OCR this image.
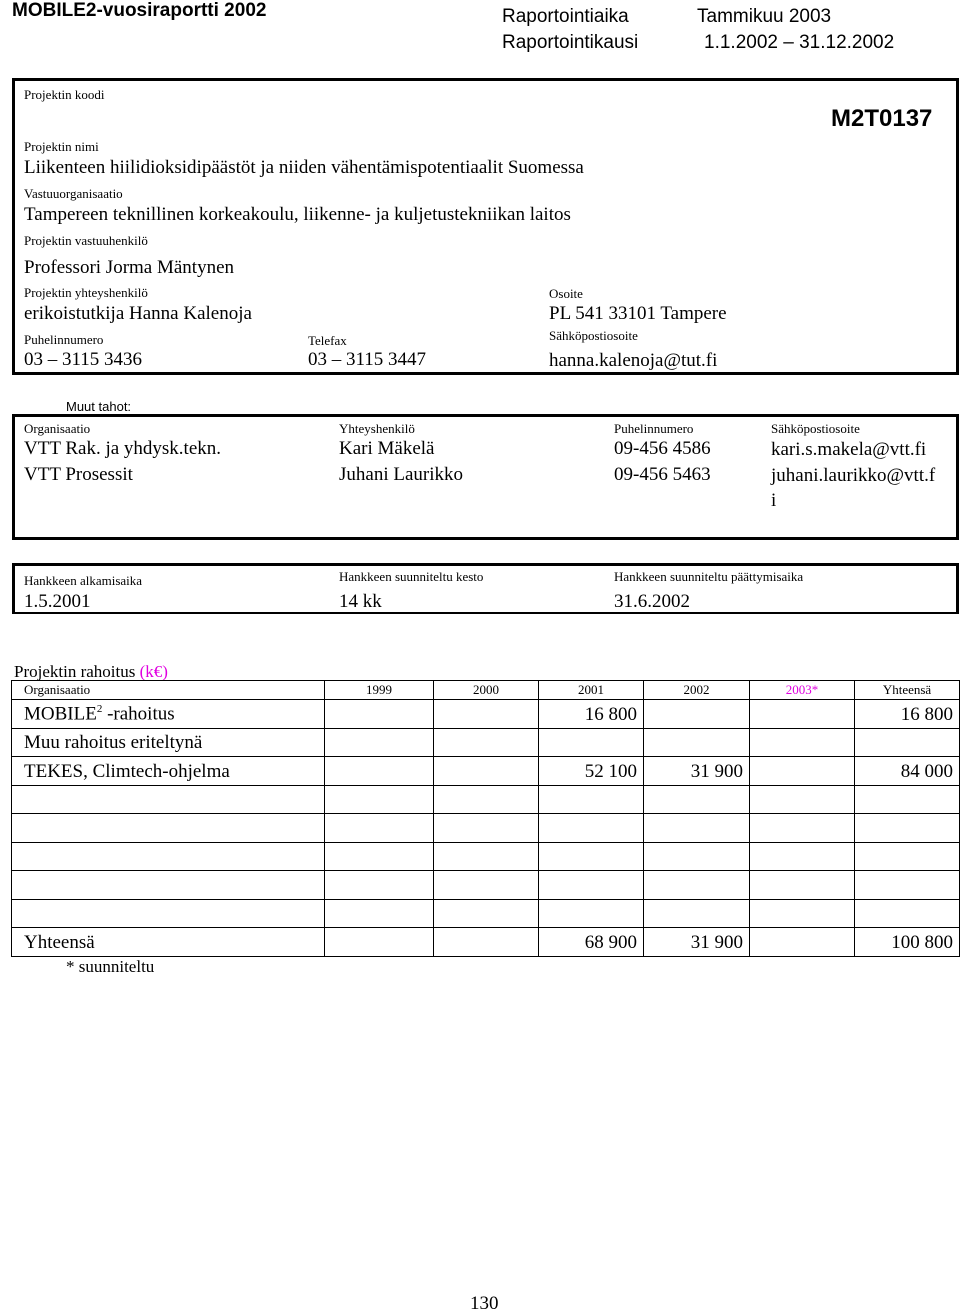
MOBILE2-vuosiraportti 2002	Raportointiaika	Tammikuu 2003
Raportointikausi	1.1.2002 – 31.12.2002
Projektin koodi
M2T0137
Projektin nimi
Liikenteen hiilidioksidipäästöt ja niiden vähentämispotentiaalit Suomessa
Vastuuorganisaatio
Tampereen teknillinen korkeakoulu, liikenne- ja kuljetustekniikan laitos
Projektin vastuuhenkilö
Professori Jorma Mäntynen
Projektin yhteyshenkilö
erikoistutkija Hanna Kalenoja
Osoite
PL 541 33101 Tampere
Puhelinnumero
03 – 3115 3436
Telefax
03 – 3115 3447
Sähköpostiosoite
hanna.kalenoja@tut.fi
Muut tahot:
Organisaatio	Yhteyshenkilö	Puhelinnumero	Sähköpostiosoite
VTT Rak. ja yhdysk.tekn.	Kari Mäkelä	09-456 4586	kari.s.makela@vtt.fi
VTT Prosessit	Juhani Laurikko	09-456 5463	juhani.laurikko@vtt.f
i
Hankkeen alkamisaika
1.5.2001
Hankkeen suunniteltu kesto
14 kk
Hankkeen suunniteltu päättymisaika
31.6.2002
Projektin rahoitus (k€)
Organisaatio	1999	2000	2001	2002	2003*	Yhteensä
MOBILE$^2$ -rahoitus			16 800			16 800
Muu rahoitus eriteltynä						
TEKES, Climtech-ohjelma			52 100	31 900		84 000

Yhteensä			68 900	31 900		100 800
* suunniteltu
130
